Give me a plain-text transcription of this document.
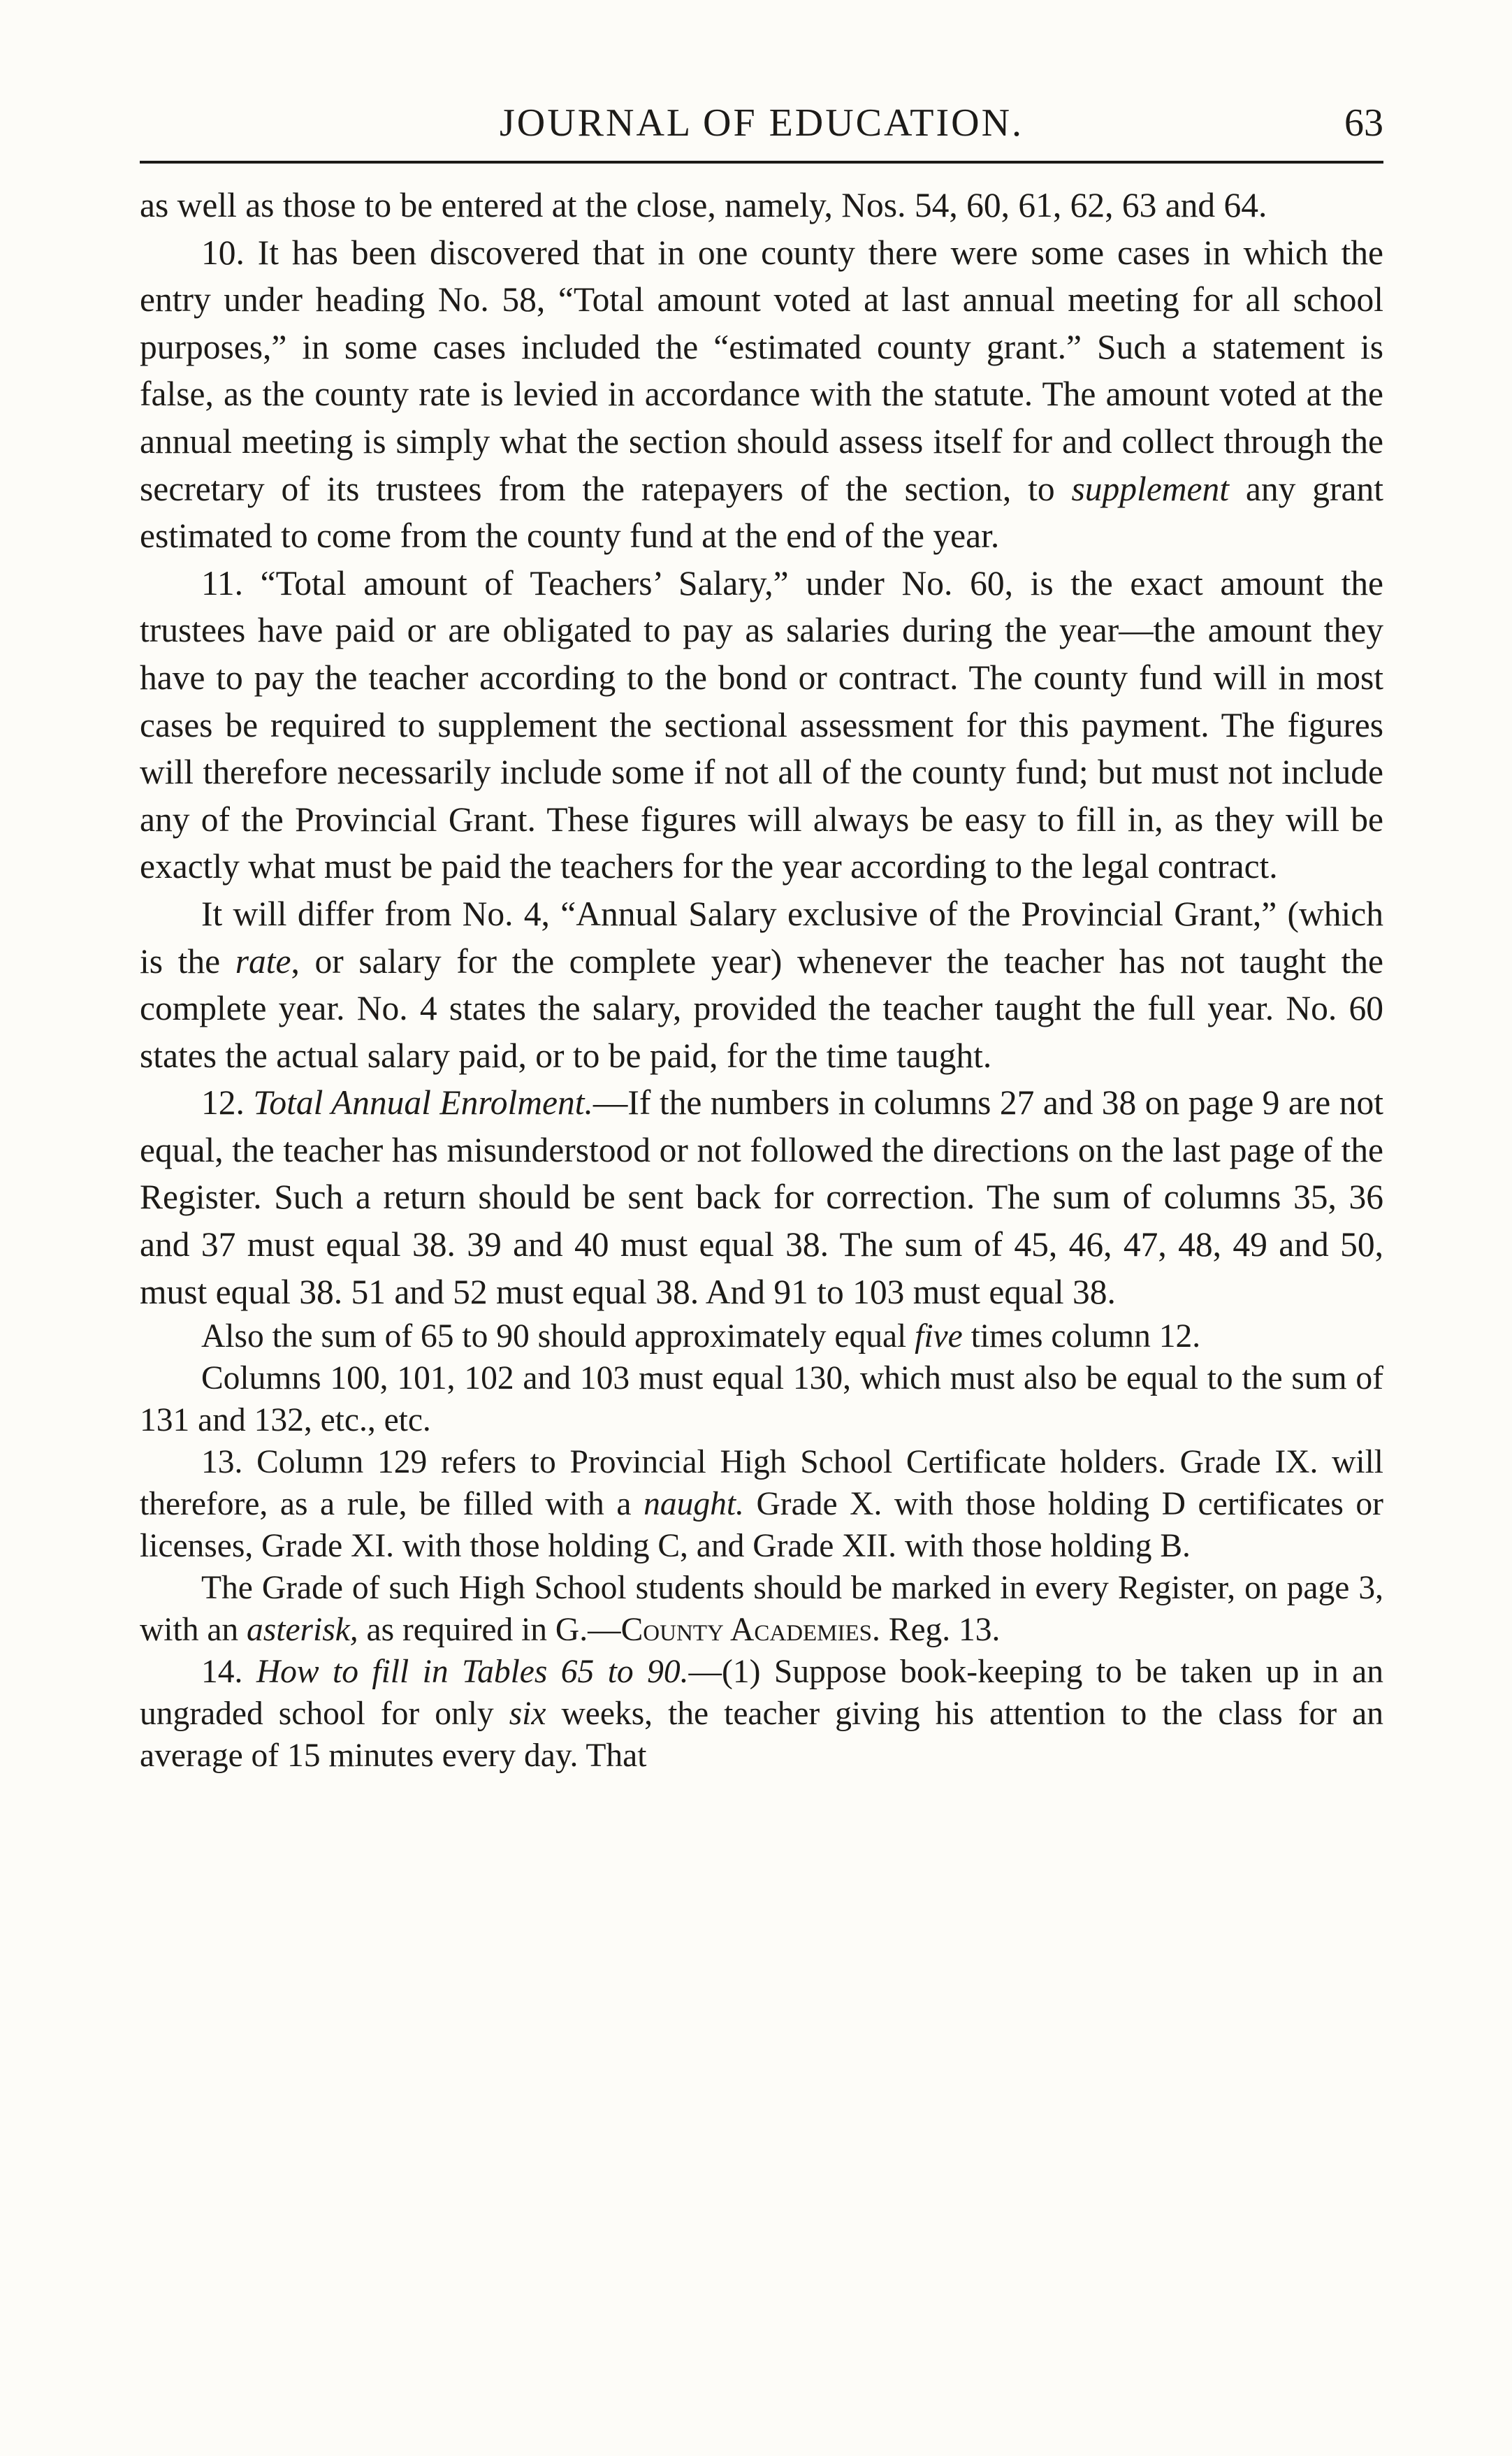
JOURNAL OF EDUCATION.	63

as well as those to be entered at the close, namely, Nos. 54, 60, 61, 62, 63 and 64.

10. It has been discovered that in one county there were some cases in which the entry under heading No. 58, “Total amount voted at last annual meeting for all school purposes,” in some cases included the “estimated county grant.” Such a statement is false, as the county rate is levied in accordance with the statute. The amount voted at the annual meeting is simply what the section should assess itself for and collect through the secretary of its trustees from the ratepayers of the section, to supplement any grant estimated to come from the county fund at the end of the year.

11. “Total amount of Teachers’ Salary,” under No. 60, is the exact amount the trustees have paid or are obligated to pay as salaries during the year—the amount they have to pay the teacher according to the bond or contract. The county fund will in most cases be required to supplement the sectional assessment for this payment. The figures will therefore necessarily include some if not all of the county fund; but must not include any of the Provincial Grant. These figures will always be easy to fill in, as they will be exactly what must be paid the teachers for the year according to the legal contract.

It will differ from No. 4, “Annual Salary exclusive of the Provincial Grant,” (which is the rate, or salary for the complete year) whenever the teacher has not taught the complete year. No. 4 states the salary, provided the teacher taught the full year. No. 60 states the actual salary paid, or to be paid, for the time taught.

12. Total Annual Enrolment.—If the numbers in columns 27 and 38 on page 9 are not equal, the teacher has misunderstood or not followed the directions on the last page of the Register. Such a return should be sent back for correction. The sum of columns 35, 36 and 37 must equal 38. 39 and 40 must equal 38. The sum of 45, 46, 47, 48, 49 and 50, must equal 38. 51 and 52 must equal 38. And 91 to 103 must equal 38.

Also the sum of 65 to 90 should approximately equal five times column 12.

Columns 100, 101, 102 and 103 must equal 130, which must also be equal to the sum of 131 and 132, etc., etc.

13. Column 129 refers to Provincial High School Certificate holders. Grade IX. will therefore, as a rule, be filled with a naught. Grade X. with those holding D certificates or licenses, Grade XI. with those holding C, and Grade XII. with those holding B.

The Grade of such High School students should be marked in every Register, on page 3, with an asterisk, as required in G.—County Academies. Reg. 13.

14. How to fill in Tables 65 to 90.—(1) Suppose book-keeping to be taken up in an ungraded school for only six weeks, the teacher giving his attention to the class for an average of 15 minutes every day. That
